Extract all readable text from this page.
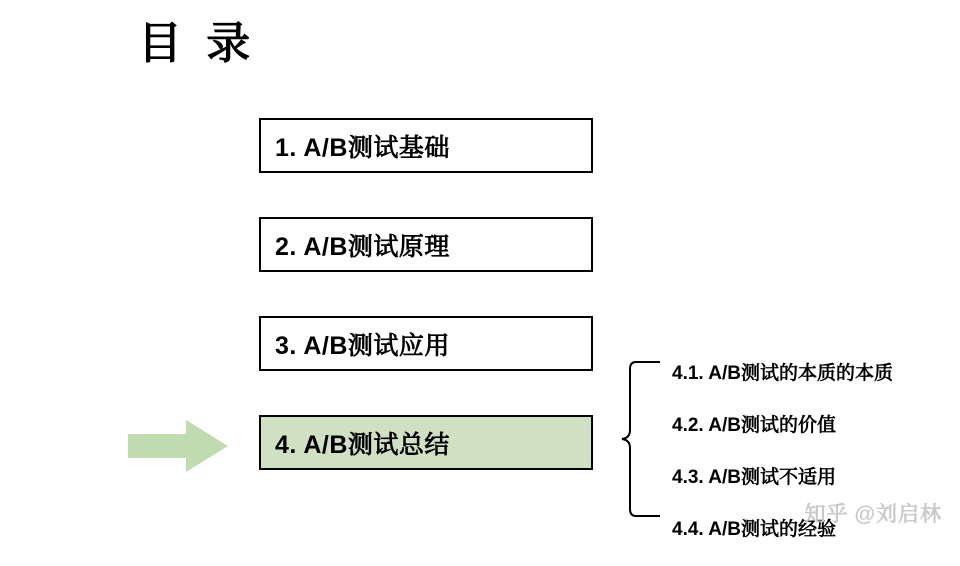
目 录
1. A/B测试基础
2. A/B测试原理
3. A/B测试应用
4. A/B测试总结
4.1. A/B测试的本质的本质
4.2. A/B测试的价值
4.3. A/B测试不适用
4.4. A/B测试的经验
知乎 @刘启林
